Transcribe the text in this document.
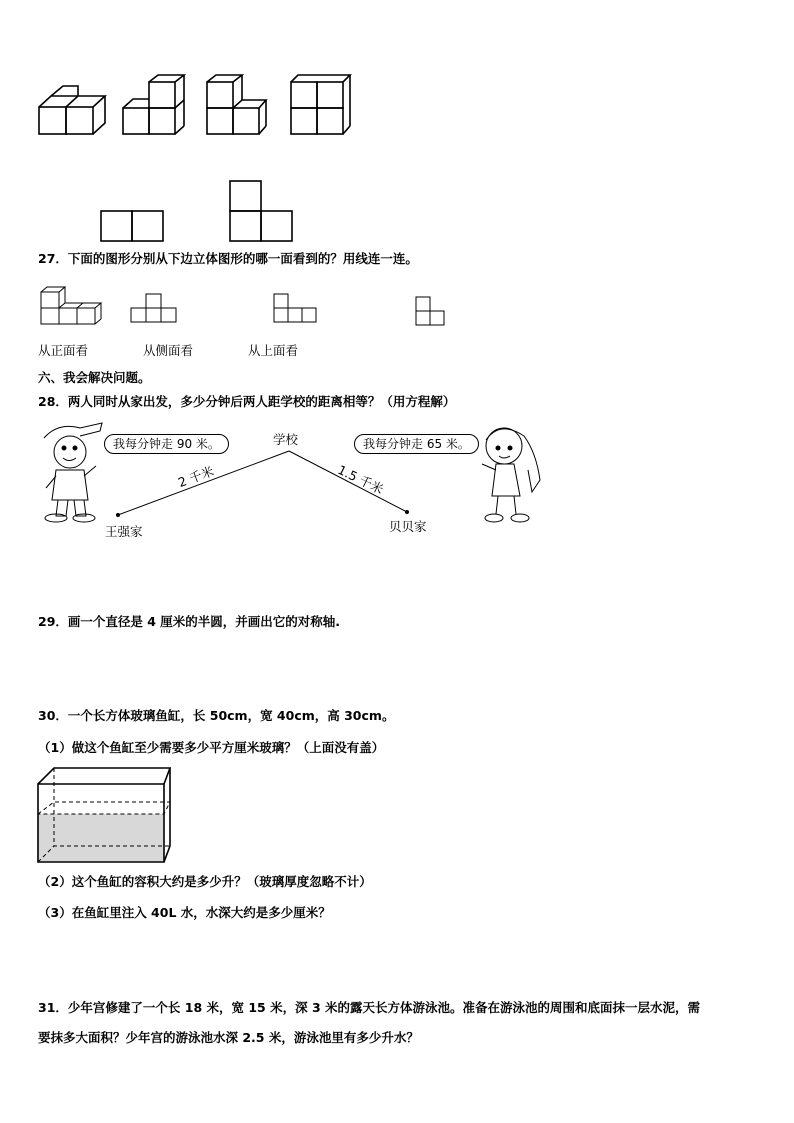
27．下面的图形分别从下边立体图形的哪一面看到的？用线连一连。
从正面看	从侧面看	从上面看
六、我会解决问题。
28．两人同时从家出发，多少分钟后两人距学校的距离相等？（用方程解）
我每分钟走 90 米。	我每分钟走 65 米。
学校
2 千米	1.5 千米
王强家	贝贝家
29．画一个直径是 4 厘米的半圆，并画出它的对称轴.
30．一个长方体玻璃鱼缸，长 50cm，宽 40cm，高 30cm。
（1）做这个鱼缸至少需要多少平方厘米玻璃？（上面没有盖）
（2）这个鱼缸的容积大约是多少升？（玻璃厚度忽略不计）
（3）在鱼缸里注入 40L 水，水深大约是多少厘米？
31．少年宫修建了一个长 18 米，宽 15 米，深 3 米的露天长方体游泳池。准备在游泳池的周围和底面抹一层水泥，需
要抹多大面积？少年宫的游泳池水深 2.5 米，游泳池里有多少升水？
